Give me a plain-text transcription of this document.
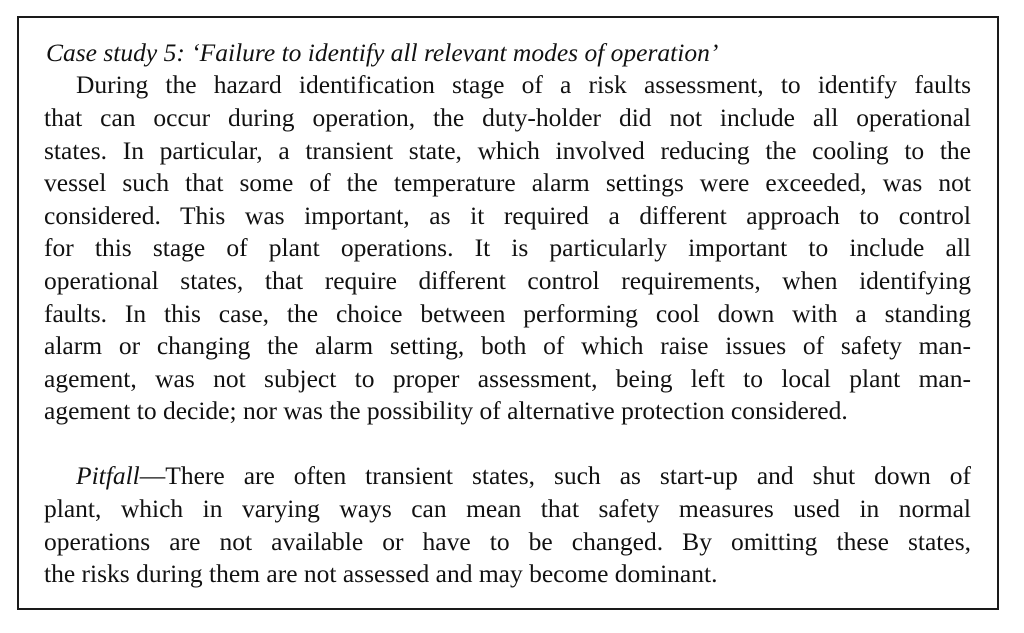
Case study 5: ‘Failure to identify all relevant modes of operation’
During the hazard identification stage of a risk assessment, to identify faults
that can occur during operation, the duty-holder did not include all operational
states. In particular, a transient state, which involved reducing the cooling to the
vessel such that some of the temperature alarm settings were exceeded, was not
considered. This was important, as it required a different approach to control
for this stage of plant operations. It is particularly important to include all
operational states, that require different control requirements, when identifying
faults. In this case, the choice between performing cool down with a standing
alarm or changing the alarm setting, both of which raise issues of safety man-
agement, was not subject to proper assessment, being left to local plant man-
agement to decide; nor was the possibility of alternative protection considered.
Pitfall—There are often transient states, such as start-up and shut down of
plant, which in varying ways can mean that safety measures used in normal
operations are not available or have to be changed. By omitting these states,
the risks during them are not assessed and may become dominant.
